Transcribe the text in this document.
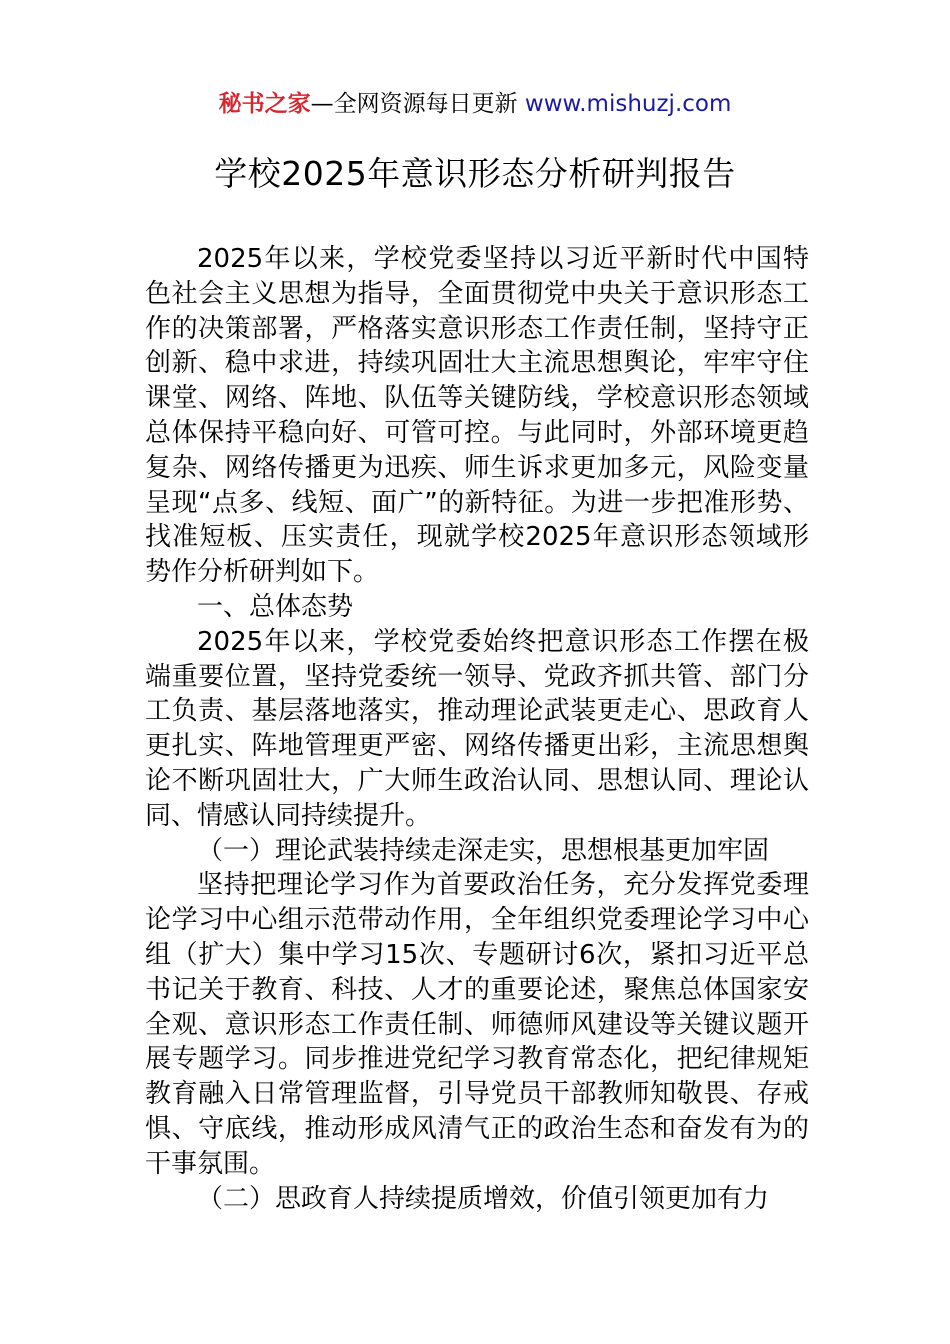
秘书之家—全网资源每日更新 www.mishuzj.com
学校2025年意识形态分析研判报告

2025年以来，学校党委坚持以习近平新时代中国特色社会主义思想为指导，全面贯彻党中央关于意识形态工作的决策部署，严格落实意识形态工作责任制，坚持守正创新、稳中求进，持续巩固壮大主流思想舆论，牢牢守住课堂、网络、阵地、队伍等关键防线，学校意识形态领域总体保持平稳向好、可管可控。与此同时，外部环境更趋复杂、网络传播更为迅疾、师生诉求更加多元，风险变量呈现“点多、线短、面广”的新特征。为进一步把准形势、找准短板、压实责任，现就学校2025年意识形态领域形势作分析研判如下。

一、总体态势

2025年以来，学校党委始终把意识形态工作摆在极端重要位置，坚持党委统一领导、党政齐抓共管、部门分工负责、基层落地落实，推动理论武装更走心、思政育人更扎实、阵地管理更严密、网络传播更出彩，主流思想舆论不断巩固壮大，广大师生政治认同、思想认同、理论认同、情感认同持续提升。

（一）理论武装持续走深走实，思想根基更加牢固

坚持把理论学习作为首要政治任务，充分发挥党委理论学习中心组示范带动作用，全年组织党委理论学习中心组（扩大）集中学习15次、专题研讨6次，紧扣习近平总书记关于教育、科技、人才的重要论述，聚焦总体国家安全观、意识形态工作责任制、师德师风建设等关键议题开展专题学习。同步推进党纪学习教育常态化，把纪律规矩教育融入日常管理监督，引导党员干部教师知敬畏、存戒惧、守底线，推动形成风清气正的政治生态和奋发有为的干事氛围。

（二）思政育人持续提质增效，价值引领更加有力
